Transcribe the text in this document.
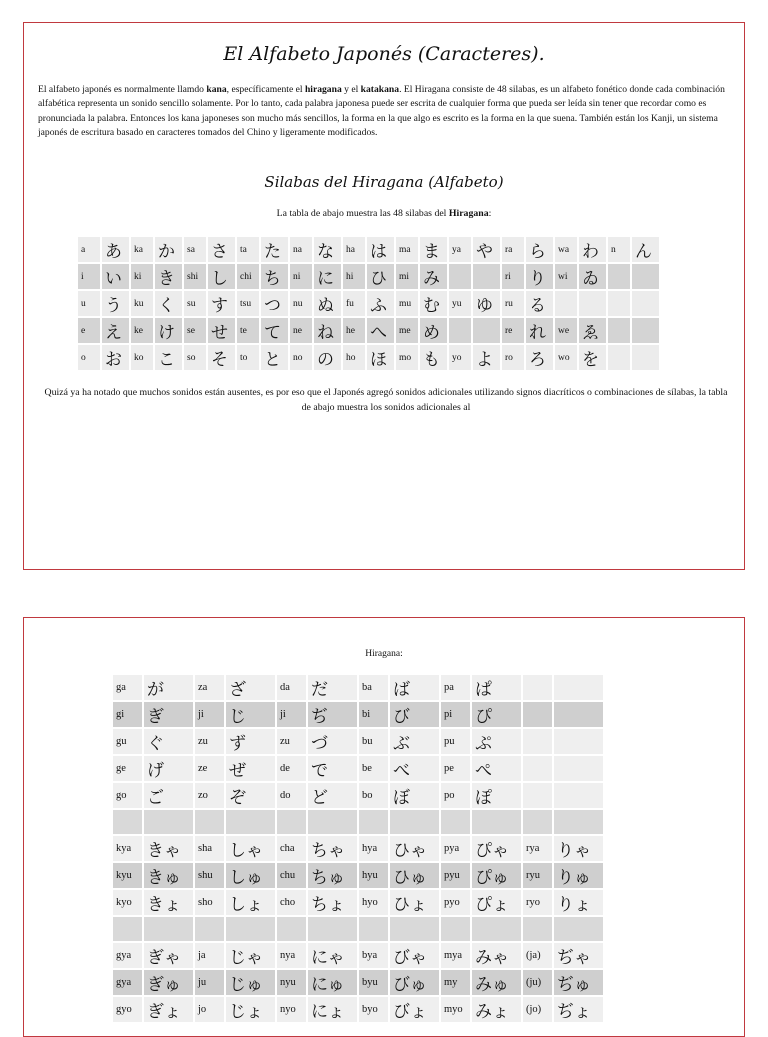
El Alfabeto Japonés (Caracteres).

El alfabeto japonés es normalmente llamdo kana, específicamente el hiragana y el katakana. El Hiragana consiste de 48 silabas, es un alfabeto fonético donde cada combinación alfabética representa un sonido sencillo solamente. Por lo tanto, cada palabra japonesa puede ser escrita de cualquier forma que pueda ser leída sin tener que recordar como es pronunciada la palabra. Entonces los kana japoneses son mucho más sencillos, la forma en la que algo es escrito es la forma en la que suena. También están los Kanji, un sistema japonés de escritura basado en caracteres tomados del Chino y ligeramente modificados.

Silabas del Hiragana (Alfabeto)
La tabla de abajo muestra las 48 silabas del Hiragana:
a	あ	ka	か	sa	さ	ta	た	na	な	ha	は	ma	ま	ya	や	ra	ら	wa	わ	n	ん
i	い	ki	き	shi	し	chi	ち	ni	に	hi	ひ	mi	み			ri	り	wi	ゐ		
u	う	ku	く	su	す	tsu	つ	nu	ぬ	fu	ふ	mu	む	yu	ゆ	ru	る				
e	え	ke	け	se	せ	te	て	ne	ね	he	へ	me	め			re	れ	we	ゑ		
o	お	ko	こ	so	そ	to	と	no	の	ho	ほ	mo	も	yo	よ	ro	ろ	wo	を		

Quizá ya ha notado que muchos sonidos están ausentes, es por eso que el Japonés agregó sonidos adicionales utilizando signos diacríticos o combinaciones de sílabas, la tabla de abajo muestra los sonidos adicionales al

Hiragana:
ga	が	za	ざ	da	だ	ba	ば	pa	ぱ		
gi	ぎ	ji	じ	ji	ぢ	bi	び	pi	ぴ		
gu	ぐ	zu	ず	zu	づ	bu	ぶ	pu	ぷ		
ge	げ	ze	ぜ	de	で	be	べ	pe	ぺ		
go	ご	zo	ぞ	do	ど	bo	ぼ	po	ぽ		

kya	きゃ	sha	しゃ	cha	ちゃ	hya	ひゃ	pya	ぴゃ	rya	りゃ
kyu	きゅ	shu	しゅ	chu	ちゅ	hyu	ひゅ	pyu	ぴゅ	ryu	りゅ
kyo	きょ	sho	しょ	cho	ちょ	hyo	ひょ	pyo	ぴょ	ryo	りょ

gya	ぎゃ	ja	じゃ	nya	にゃ	bya	びゃ	mya	みゃ	(ja)	ぢゃ
gya	ぎゅ	ju	じゅ	nyu	にゅ	byu	びゅ	my	みゅ	(ju)	ぢゅ
gyo	ぎょ	jo	じょ	nyo	にょ	byo	びょ	myo	みょ	(jo)	ぢょ
